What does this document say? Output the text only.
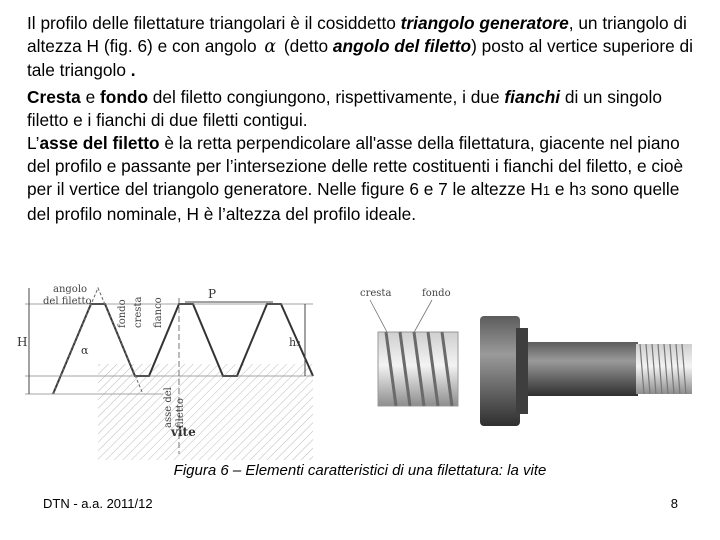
Il profilo delle filettature triangolari è il cosiddetto triangolo generatore, un triangolo di altezza H (fig. 6) e con angolo α (detto angolo del filetto) posto al vertice superiore di tale triangolo .
Cresta e fondo del filetto congiungono, rispettivamente, i due fianchi di un singolo filetto e i fianchi di due filetti contigui.
L’asse del filetto è la retta perpendicolare all'asse della filettatura, giacente nel piano del profilo e passante per l’intersezione delle rette costituenti i fianchi del filetto, e cioè per il vertice del triangolo generatore. Nelle figure 6 e 7 le altezze H1 e h3 sono quelle del profilo nominale, H è l’altezza del profilo ideale.
H	h₃
P
angolo
del filetto
α
fondo cresta fianco
asse del filetto
vite
cresta	fondo
Figura 6 – Elementi caratteristici di una filettatura: la vite
DTN - a.a. 2011/12	8
